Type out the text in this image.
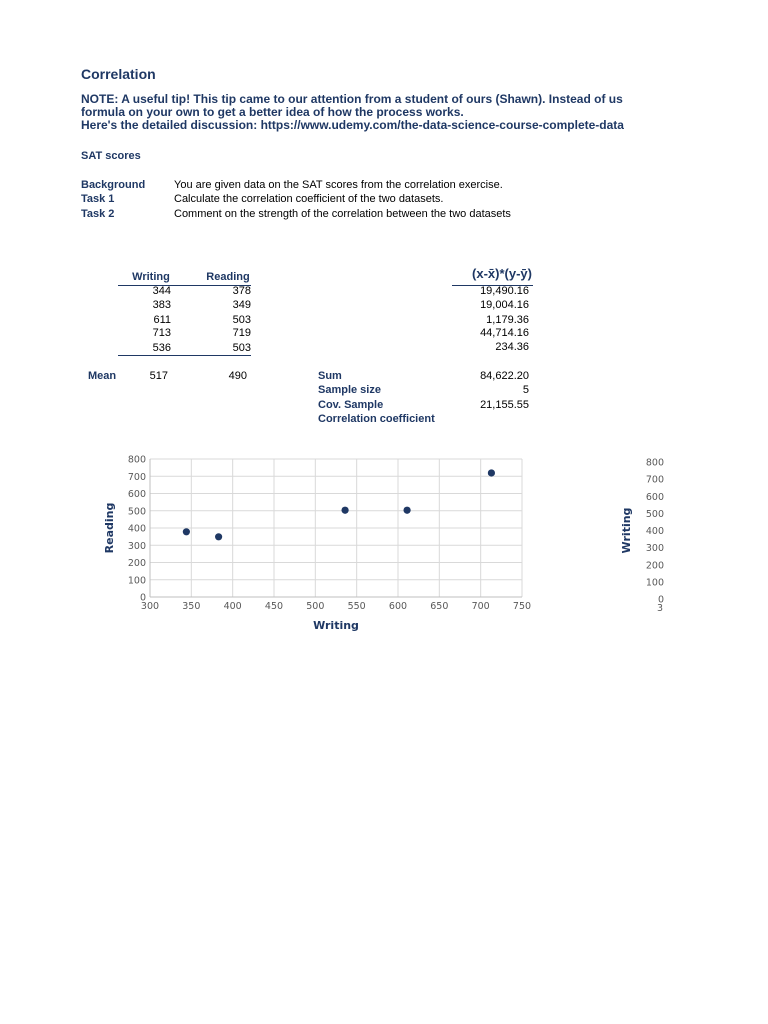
Correlation
NOTE: A useful tip! This tip came to our attention from a student of ours (Shawn). Instead of us
formula on your own to get a better idea of how the process works.
Here's the detailed discussion: https://www.udemy.com/the-data-science-course-complete-data
SAT scores
Background	You are given data on the SAT scores from the correlation exercise.
Task 1	Calculate the correlation coefficient of the two datasets.
Task 2	Comment on the strength of the correlation between the two datasets
Writing	Reading	(x-x̄)*(y-ȳ)
344	378	19,490.16
383	349	19,004.16
611	503	1,179.36
713	719	44,714.16
536	503	234.36
Mean	517	490	Sum	84,622.20
Sample size	5
Cov. Sample	21,155.55
Correlation coefficient
0
100
200
300
400
500
600
700
800
300 350 400 450 500 550 600 650 700 750
Writing
Reading
0
100
200
300
400
500
600
700
800
3
Writing
